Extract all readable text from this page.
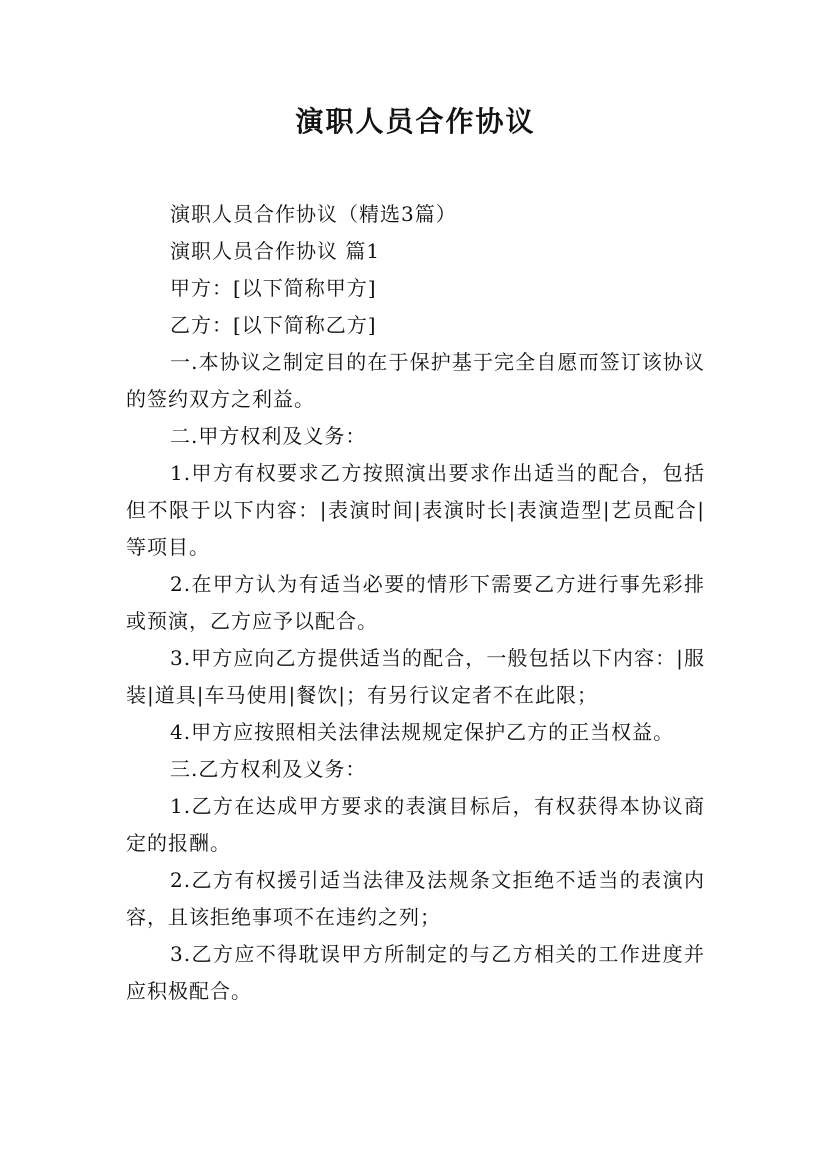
演职人员合作协议

演职人员合作协议（精选3篇）

演职人员合作协议 篇1

甲方：[以下简称甲方]

乙方：[以下简称乙方]

一.本协议之制定目的在于保护基于完全自愿而签订该协议的签约双方之利益。

二.甲方权利及义务：

1.甲方有权要求乙方按照演出要求作出适当的配合，包括但不限于以下内容：|表演时间|表演时长|表演造型|艺员配合|等项目。

2.在甲方认为有适当必要的情形下需要乙方进行事先彩排或预演，乙方应予以配合。

3.甲方应向乙方提供适当的配合，一般包括以下内容：|服装|道具|车马使用|餐饮|；有另行议定者不在此限；

4.甲方应按照相关法律法规规定保护乙方的正当权益。

三.乙方权利及义务：

1.乙方在达成甲方要求的表演目标后，有权获得本协议商定的报酬。

2.乙方有权援引适当法律及法规条文拒绝不适当的表演内容，且该拒绝事项不在违约之列；

3.乙方应不得耽误甲方所制定的与乙方相关的工作进度并应积极配合。
